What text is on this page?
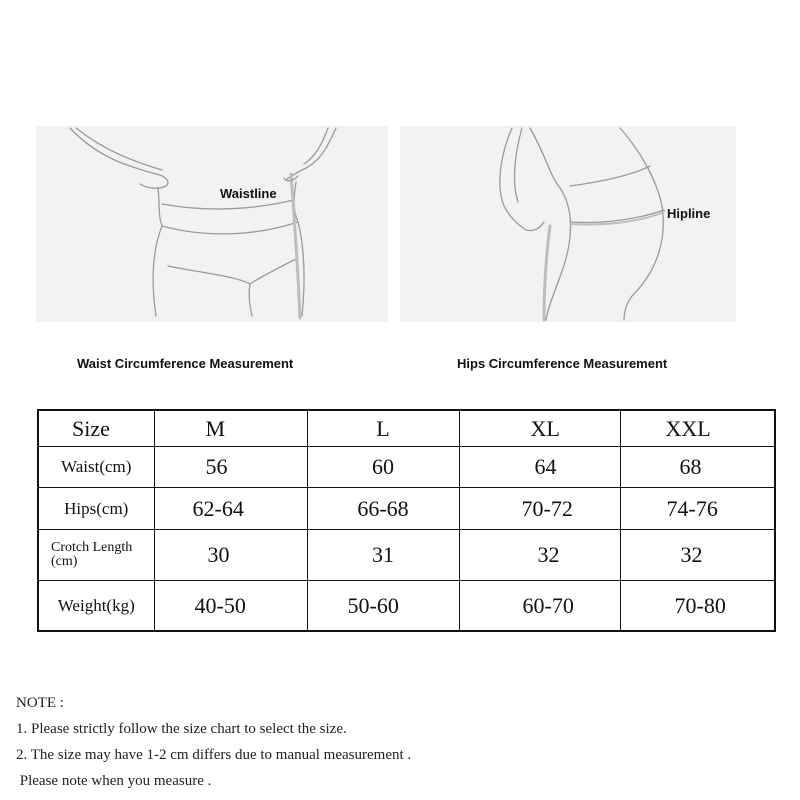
Waistline
Hipline
Waist Circumference Measurement	Hips Circumference Measurement
Size	M	L	XL	XXL
Waist(cm)	56	60	64	68
Hips(cm)	62-64	66-68	70-72	74-76
Crotch Length (cm)	30	31	32	32
Weight(kg)	40-50	50-60	60-70	70-80
NOTE :
1. Please strictly follow the size chart to select the size.
2. The size may have 1-2 cm differs due to manual measurement .
Please note when you measure .
